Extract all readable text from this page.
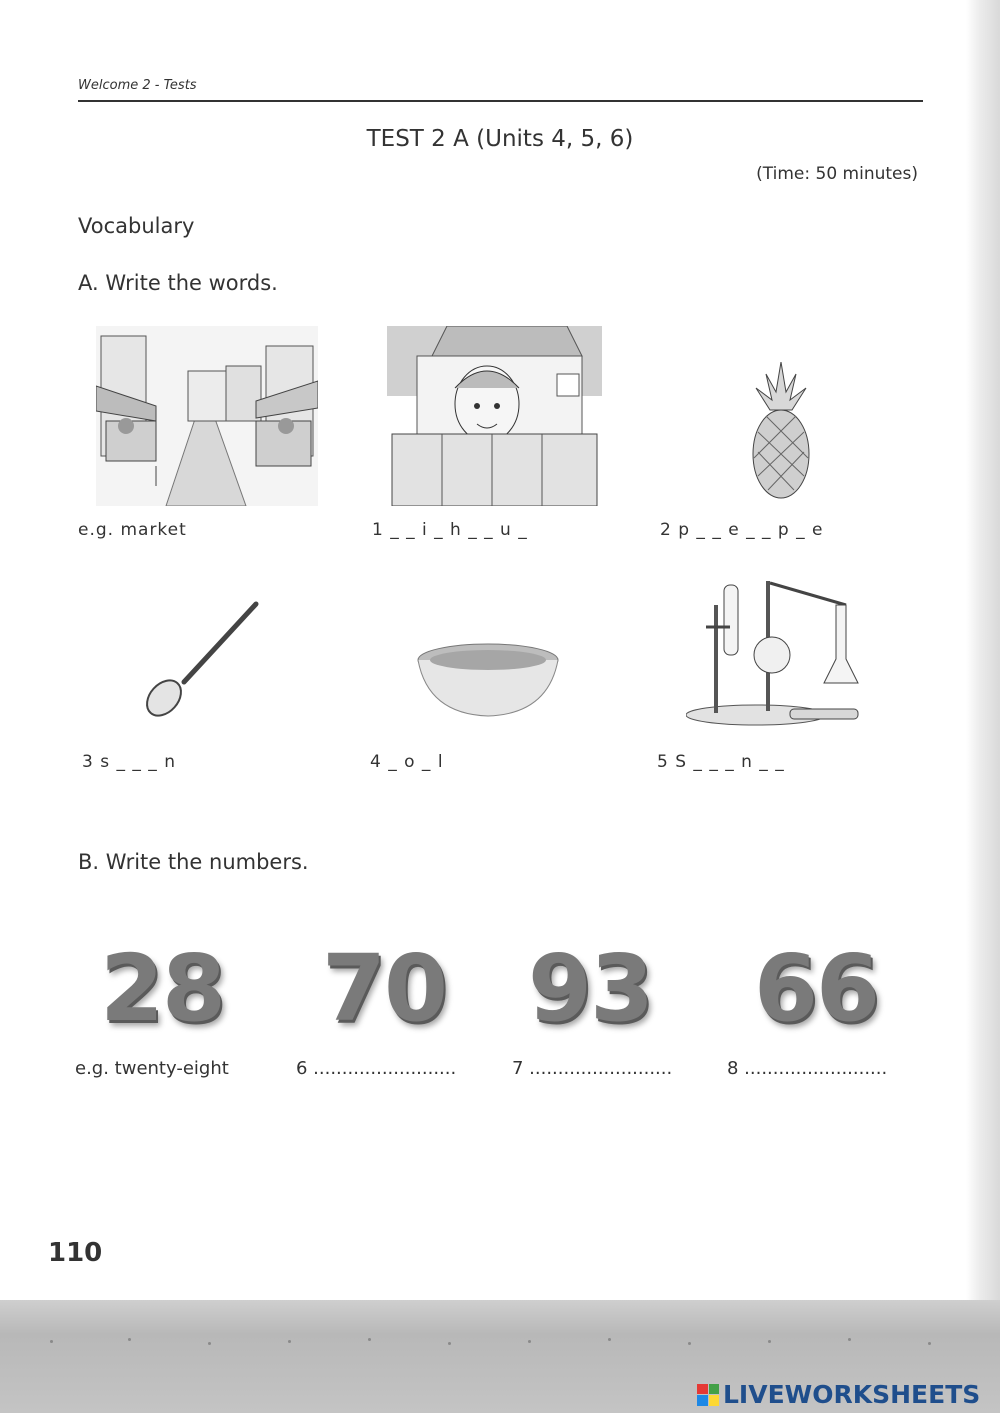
Welcome 2 - Tests
TEST 2 A (Units 4, 5, 6)
(Time: 50 minutes)
Vocabulary
A. Write the words.
e.g. market	1 _ _ i _ h _ _ u _	2 p _ _ e _ _ p _ e
3 s _ _ _ n	4 _ o _ l	5 S _ _ _ n _ _
B. Write the numbers.
28 70 93 66
e.g. twenty-eight	6 .........................	7 .........................	8 .........................
110
LIVEWORKSHEETS
